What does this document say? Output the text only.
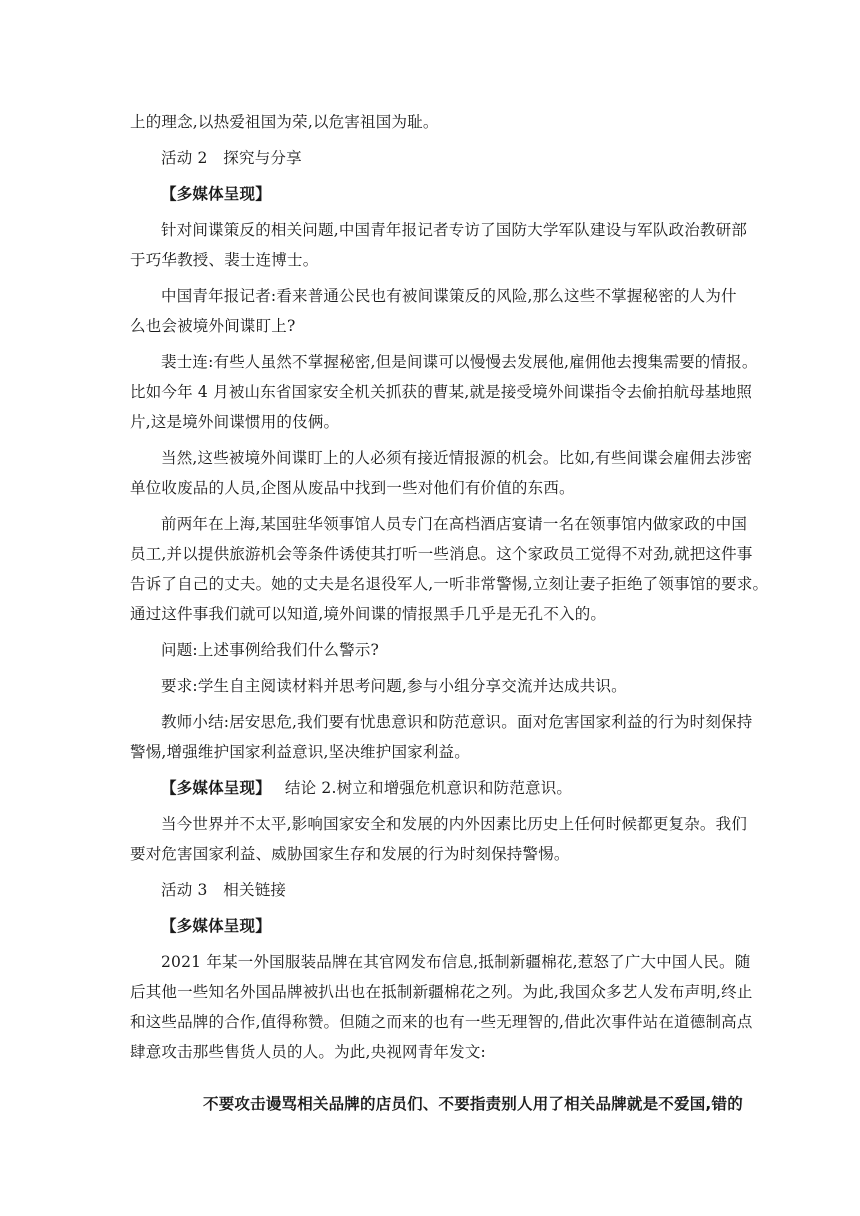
上的理念,以热爱祖国为荣,以危害祖国为耻。
活动 2　探究与分享
【多媒体呈现】
针对间谍策反的相关问题,中国青年报记者专访了国防大学军队建设与军队政治教研部
于巧华教授、裴士连博士。
中国青年报记者:看来普通公民也有被间谍策反的风险,那么这些不掌握秘密的人为什
么也会被境外间谍盯上?
裴士连:有些人虽然不掌握秘密,但是间谍可以慢慢去发展他,雇佣他去搜集需要的情报。
比如今年 4 月被山东省国家安全机关抓获的曹某,就是接受境外间谍指令去偷拍航母基地照
片,这是境外间谍惯用的伎俩。
当然,这些被境外间谍盯上的人必须有接近情报源的机会。比如,有些间谍会雇佣去涉密
单位收废品的人员,企图从废品中找到一些对他们有价值的东西。
前两年在上海,某国驻华领事馆人员专门在高档酒店宴请一名在领事馆内做家政的中国
员工,并以提供旅游机会等条件诱使其打听一些消息。这个家政员工觉得不对劲,就把这件事
告诉了自己的丈夫。她的丈夫是名退役军人,一听非常警惕,立刻让妻子拒绝了领事馆的要求。
通过这件事我们就可以知道,境外间谍的情报黑手几乎是无孔不入的。
问题:上述事例给我们什么警示?
要求:学生自主阅读材料并思考问题,参与小组分享交流并达成共识。
教师小结:居安思危,我们要有忧患意识和防范意识。面对危害国家利益的行为时刻保持
警惕,增强维护国家利益意识,坚决维护国家利益。
【多媒体呈现】 结论 2.树立和增强危机意识和防范意识。
当今世界并不太平,影响国家安全和发展的内外因素比历史上任何时候都更复杂。我们
要对危害国家利益、威胁国家生存和发展的行为时刻保持警惕。
活动 3　相关链接
【多媒体呈现】
2021 年某一外国服装品牌在其官网发布信息,抵制新疆棉花,惹怒了广大中国人民。随
后其他一些知名外国品牌被扒出也在抵制新疆棉花之列。为此,我国众多艺人发布声明,终止
和这些品牌的合作,值得称赞。但随之而来的也有一些无理智的,借此次事件站在道德制高点
肆意攻击那些售货人员的人。为此,央视网青年发文:
不要攻击谩骂相关品牌的店员们、不要指责别人用了相关品牌就是不爱国,错的
